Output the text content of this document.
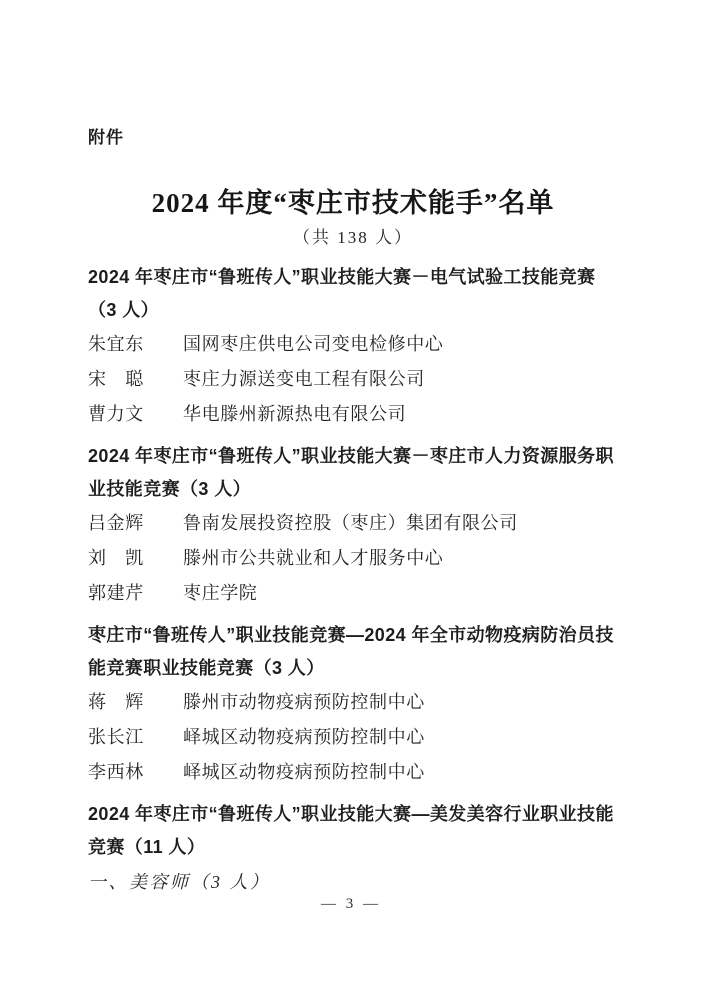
附件
2024 年度“枣庄市技术能手”名单
（共 138 人）
2024 年枣庄市“鲁班传人”职业技能大赛－电气试验工技能竞赛（3 人）
朱宜东	国网枣庄供电公司变电检修中心
宋　聪	枣庄力源送变电工程有限公司
曹力文	华电滕州新源热电有限公司
2024 年枣庄市“鲁班传人”职业技能大赛－枣庄市人力资源服务职业技能竞赛（3 人）
吕金辉	鲁南发展投资控股（枣庄）集团有限公司
刘　凯	滕州市公共就业和人才服务中心
郭建芹	枣庄学院
枣庄市“鲁班传人”职业技能竞赛—2024 年全市动物疫病防治员技能竞赛职业技能竞赛（3 人）
蒋　辉	滕州市动物疫病预防控制中心
张长江	峄城区动物疫病预防控制中心
李西林	峄城区动物疫病预防控制中心
2024 年枣庄市“鲁班传人”职业技能大赛—美发美容行业职业技能竞赛（11 人）
一、美容师（3 人）
— 3 —
